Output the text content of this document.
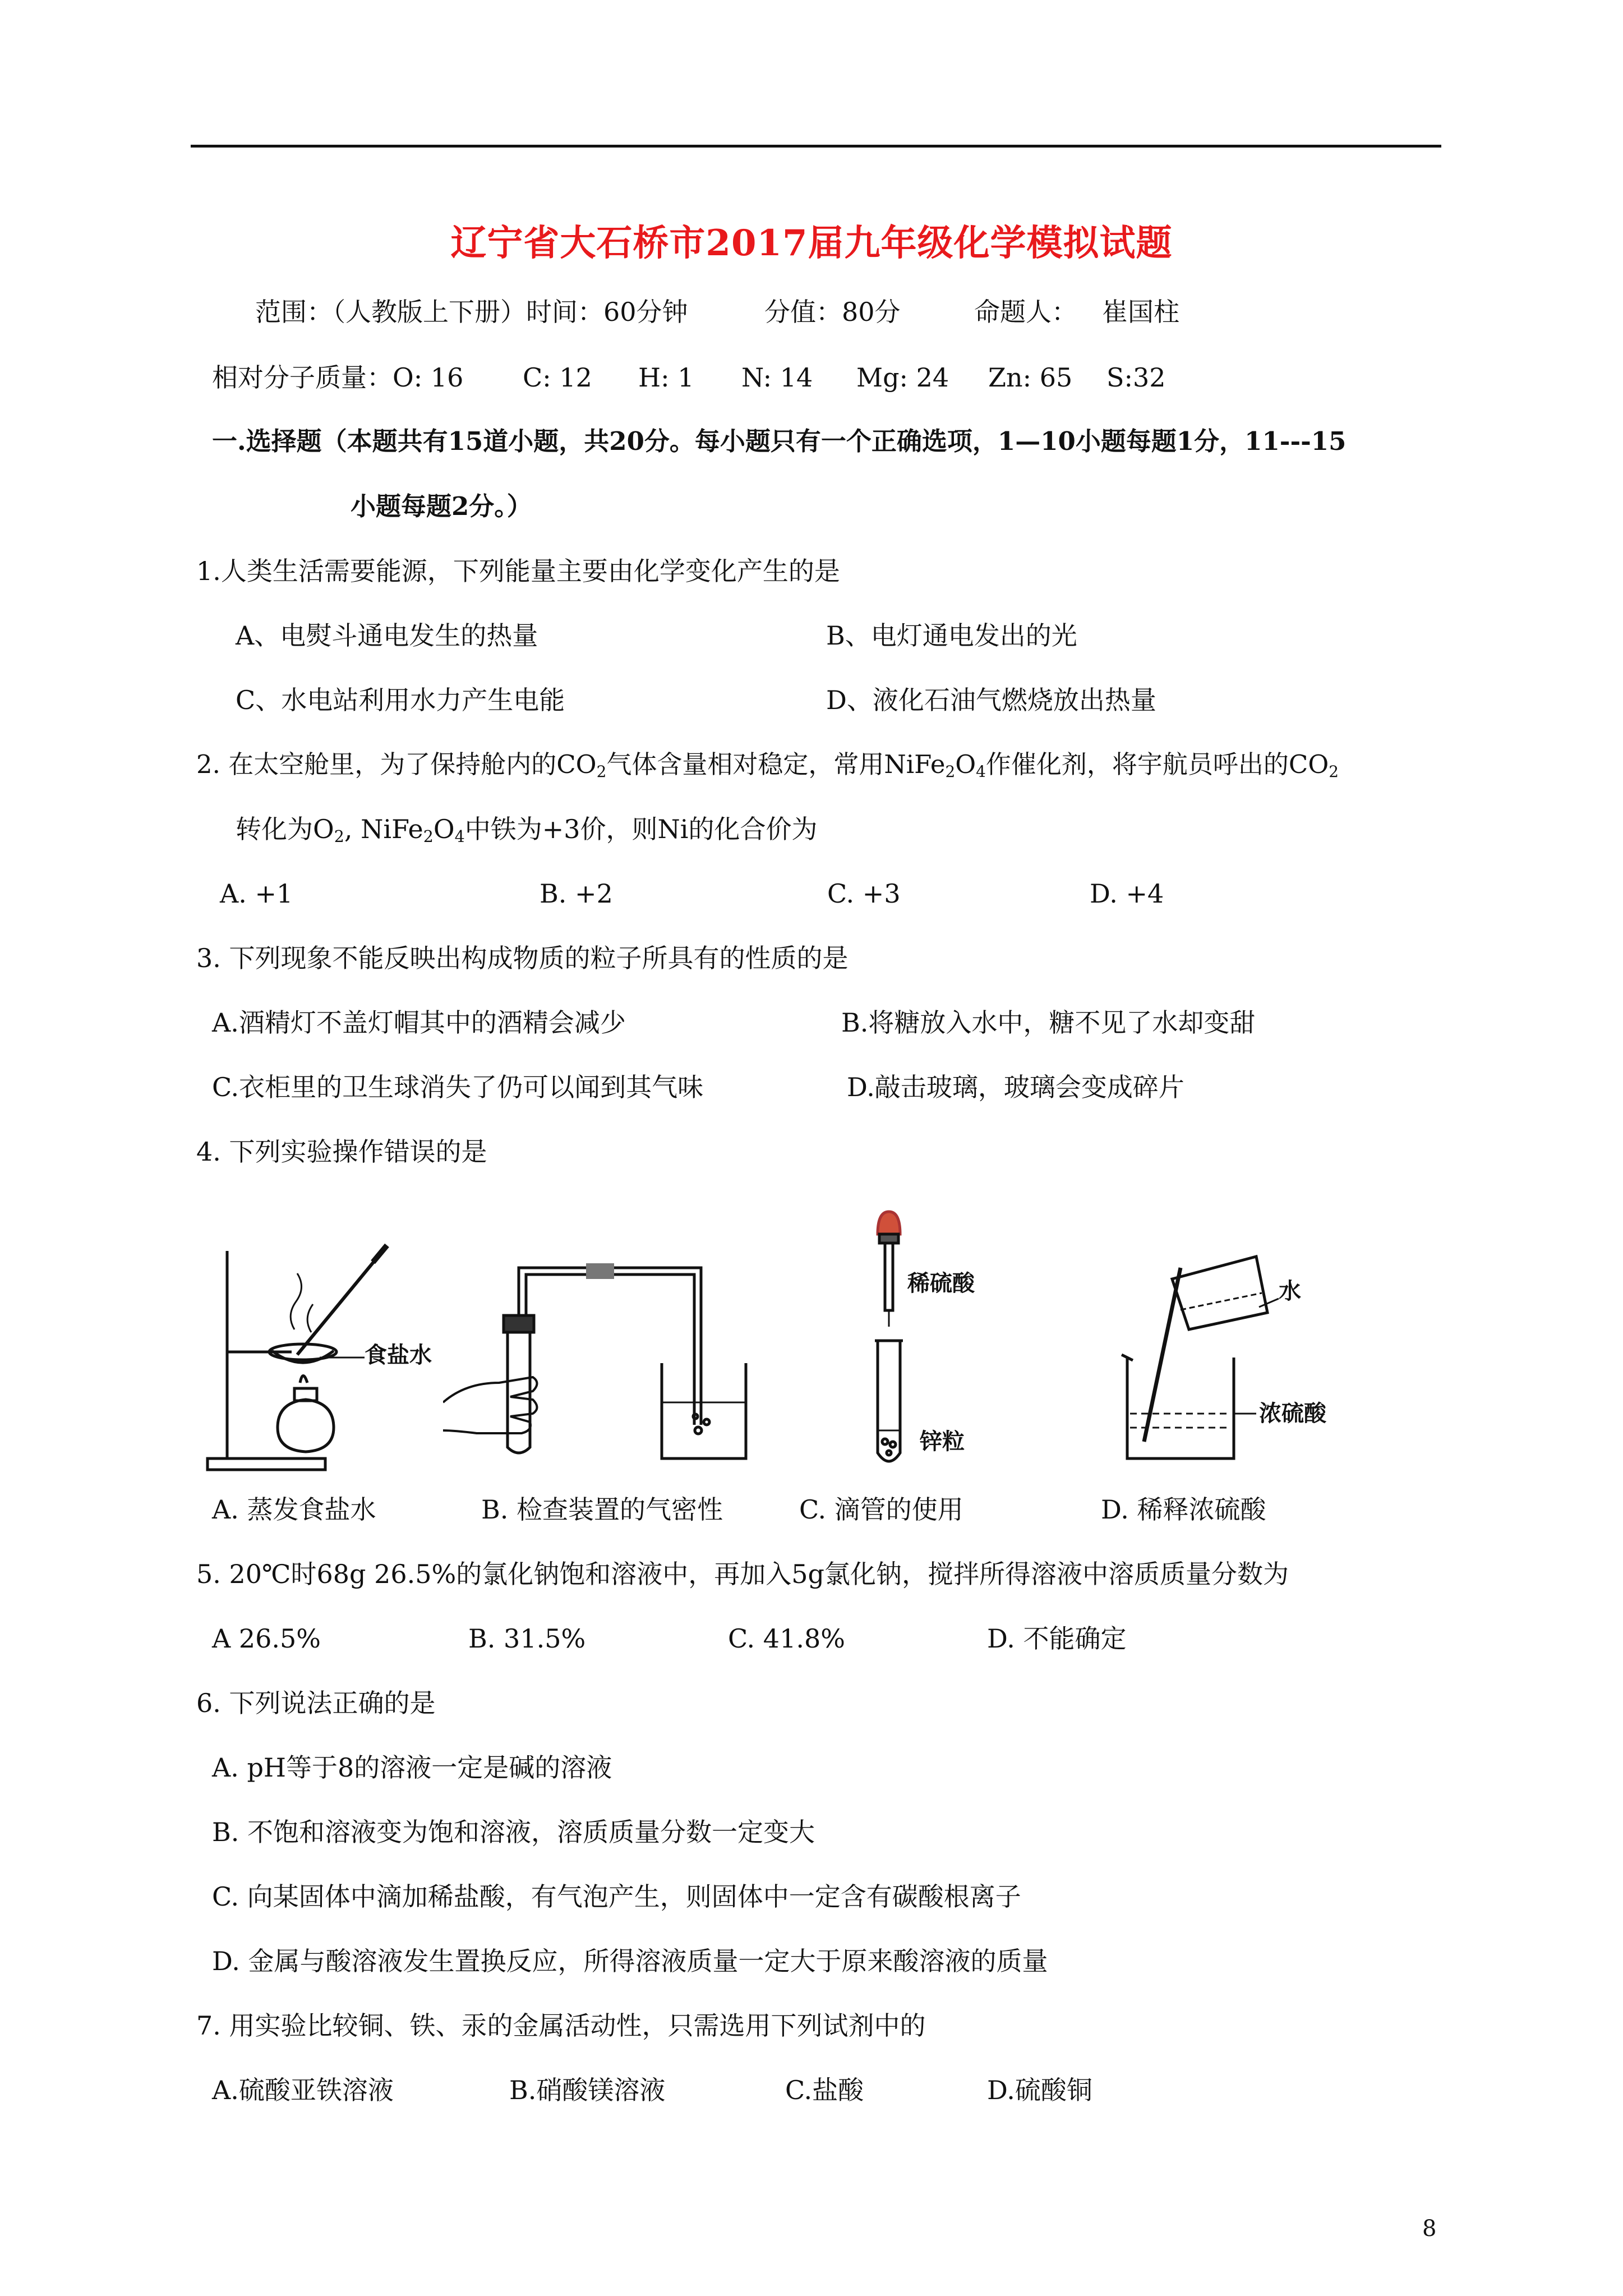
辽宁省大石桥市2017届九年级化学模拟试题
范围：（人教版上下册）时间：60分钟	分值：80分	命题人： 崔国柱
相对分子质量：O: 16 C: 12 H: 1 N: 14 Mg: 24 Zn: 65 S:32
一.选择题（本题共有15道小题，共20分。每小题只有一个正确选项，1—10小题每题1分，11---15
小题每题2分。）
1.人类生活需要能源，下列能量主要由化学变化产生的是
A、电熨斗通电发生的热量	B、电灯通电发出的光
C、水电站利用水力产生电能	D、液化石油气燃烧放出热量
2. 在太空舱里，为了保持舱内的$CO_2$气体含量相对稳定，常用$NiFe_2O_4$作催化剂，将宇航员呼出的$CO_2$
转化为$O_2$, $NiFe_2O_4$中铁为+3价，则Ni的化合价为
A. +1	B. +2	C. +3	D. +4
3. 下列现象不能反映出构成物质的粒子所具有的性质的是
A.酒精灯不盖灯帽其中的酒精会减少	B.将糖放入水中，糖不见了水却变甜
C.衣柜里的卫生球消失了仍可以闻到其气味	D.敲击玻璃，玻璃会变成碎片
4. 下列实验操作错误的是
食盐水
稀硫酸
锌粒
水
浓硫酸
A. 蒸发食盐水	B. 检查装置的气密性	C. 滴管的使用	D. 稀释浓硫酸
5. 20℃时68g 26.5%的氯化钠饱和溶液中，再加入5g氯化钠，搅拌所得溶液中溶质质量分数为
A 26.5%	B. 31.5%	C. 41.8%	D. 不能确定
6. 下列说法正确的是
A. pH等于8的溶液一定是碱的溶液
B. 不饱和溶液变为饱和溶液，溶质质量分数一定变大
C. 向某固体中滴加稀盐酸，有气泡产生，则固体中一定含有碳酸根离子
D. 金属与酸溶液发生置换反应，所得溶液质量一定大于原来酸溶液的质量
7. 用实验比较铜、铁、汞的金属活动性，只需选用下列试剂中的
A.硫酸亚铁溶液	B.硝酸镁溶液	C.盐酸	D.硫酸铜
8
